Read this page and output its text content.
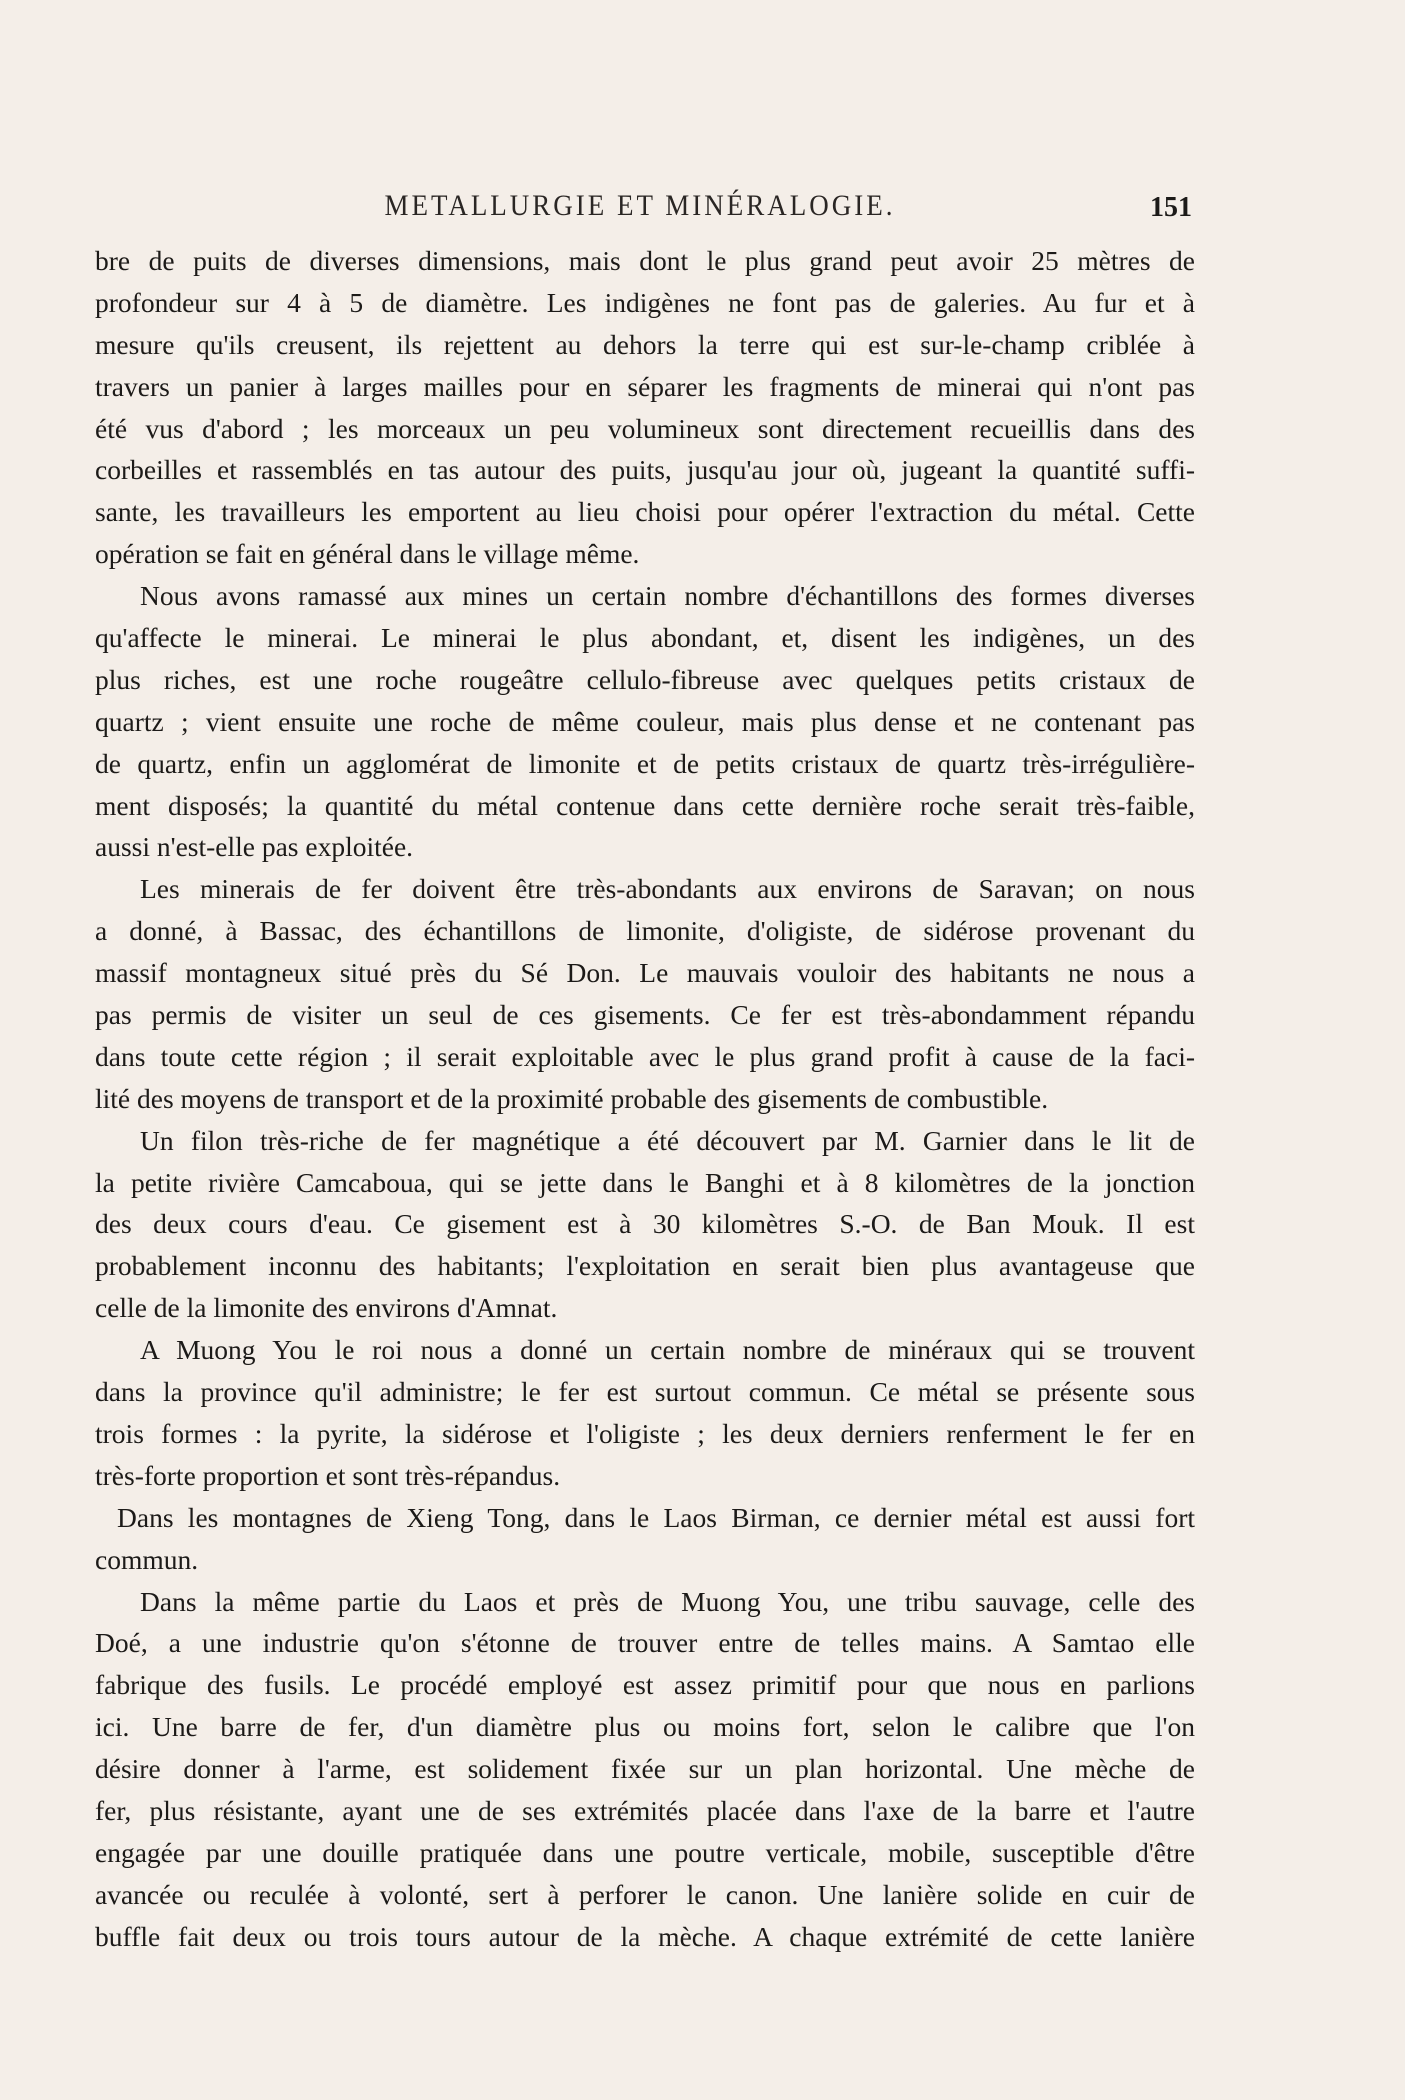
METALLURGIE ET MINÉRALOGIE.	151
bre de puits de diverses dimensions, mais dont le plus grand peut avoir 25 mètres de
profondeur sur 4 à 5 de diamètre. Les indigènes ne font pas de galeries. Au fur et à
mesure qu'ils creusent, ils rejettent au dehors la terre qui est sur-le-champ criblée à
travers un panier à larges mailles pour en séparer les fragments de minerai qui n'ont pas
été vus d'abord ; les morceaux un peu volumineux sont directement recueillis dans des
corbeilles et rassemblés en tas autour des puits, jusqu'au jour où, jugeant la quantité suffi-
sante, les travailleurs les emportent au lieu choisi pour opérer l'extraction du métal. Cette
opération se fait en général dans le village même.
Nous avons ramassé aux mines un certain nombre d'échantillons des formes diverses
qu'affecte le minerai. Le minerai le plus abondant, et, disent les indigènes, un des
plus riches, est une roche rougeâtre cellulo-fibreuse avec quelques petits cristaux de
quartz ; vient ensuite une roche de même couleur, mais plus dense et ne contenant pas
de quartz, enfin un agglomérat de limonite et de petits cristaux de quartz très-irrégulière-
ment disposés; la quantité du métal contenue dans cette dernière roche serait très-faible,
aussi n'est-elle pas exploitée.
Les minerais de fer doivent être très-abondants aux environs de Saravan; on nous
a donné, à Bassac, des échantillons de limonite, d'oligiste, de sidérose provenant du
massif montagneux situé près du Sé Don. Le mauvais vouloir des habitants ne nous a
pas permis de visiter un seul de ces gisements. Ce fer est très-abondamment répandu
dans toute cette région ; il serait exploitable avec le plus grand profit à cause de la faci-
lité des moyens de transport et de la proximité probable des gisements de combustible.
Un filon très-riche de fer magnétique a été découvert par M. Garnier dans le lit de
la petite rivière Camcaboua, qui se jette dans le Banghi et à 8 kilomètres de la jonction
des deux cours d'eau. Ce gisement est à 30 kilomètres S.-O. de Ban Mouk. Il est
probablement inconnu des habitants; l'exploitation en serait bien plus avantageuse que
celle de la limonite des environs d'Amnat.
A Muong You le roi nous a donné un certain nombre de minéraux qui se trouvent
dans la province qu'il administre; le fer est surtout commun. Ce métal se présente sous
trois formes : la pyrite, la sidérose et l'oligiste ; les deux derniers renferment le fer en
très-forte proportion et sont très-répandus.
Dans les montagnes de Xieng Tong, dans le Laos Birman, ce dernier métal est aussi fort
commun.
Dans la même partie du Laos et près de Muong You, une tribu sauvage, celle des
Doé, a une industrie qu'on s'étonne de trouver entre de telles mains. A Samtao elle
fabrique des fusils. Le procédé employé est assez primitif pour que nous en parlions
ici. Une barre de fer, d'un diamètre plus ou moins fort, selon le calibre que l'on
désire donner à l'arme, est solidement fixée sur un plan horizontal. Une mèche de
fer, plus résistante, ayant une de ses extrémités placée dans l'axe de la barre et l'autre
engagée par une douille pratiquée dans une poutre verticale, mobile, susceptible d'être
avancée ou reculée à volonté, sert à perforer le canon. Une lanière solide en cuir de
buffle fait deux ou trois tours autour de la mèche. A chaque extrémité de cette lanière
